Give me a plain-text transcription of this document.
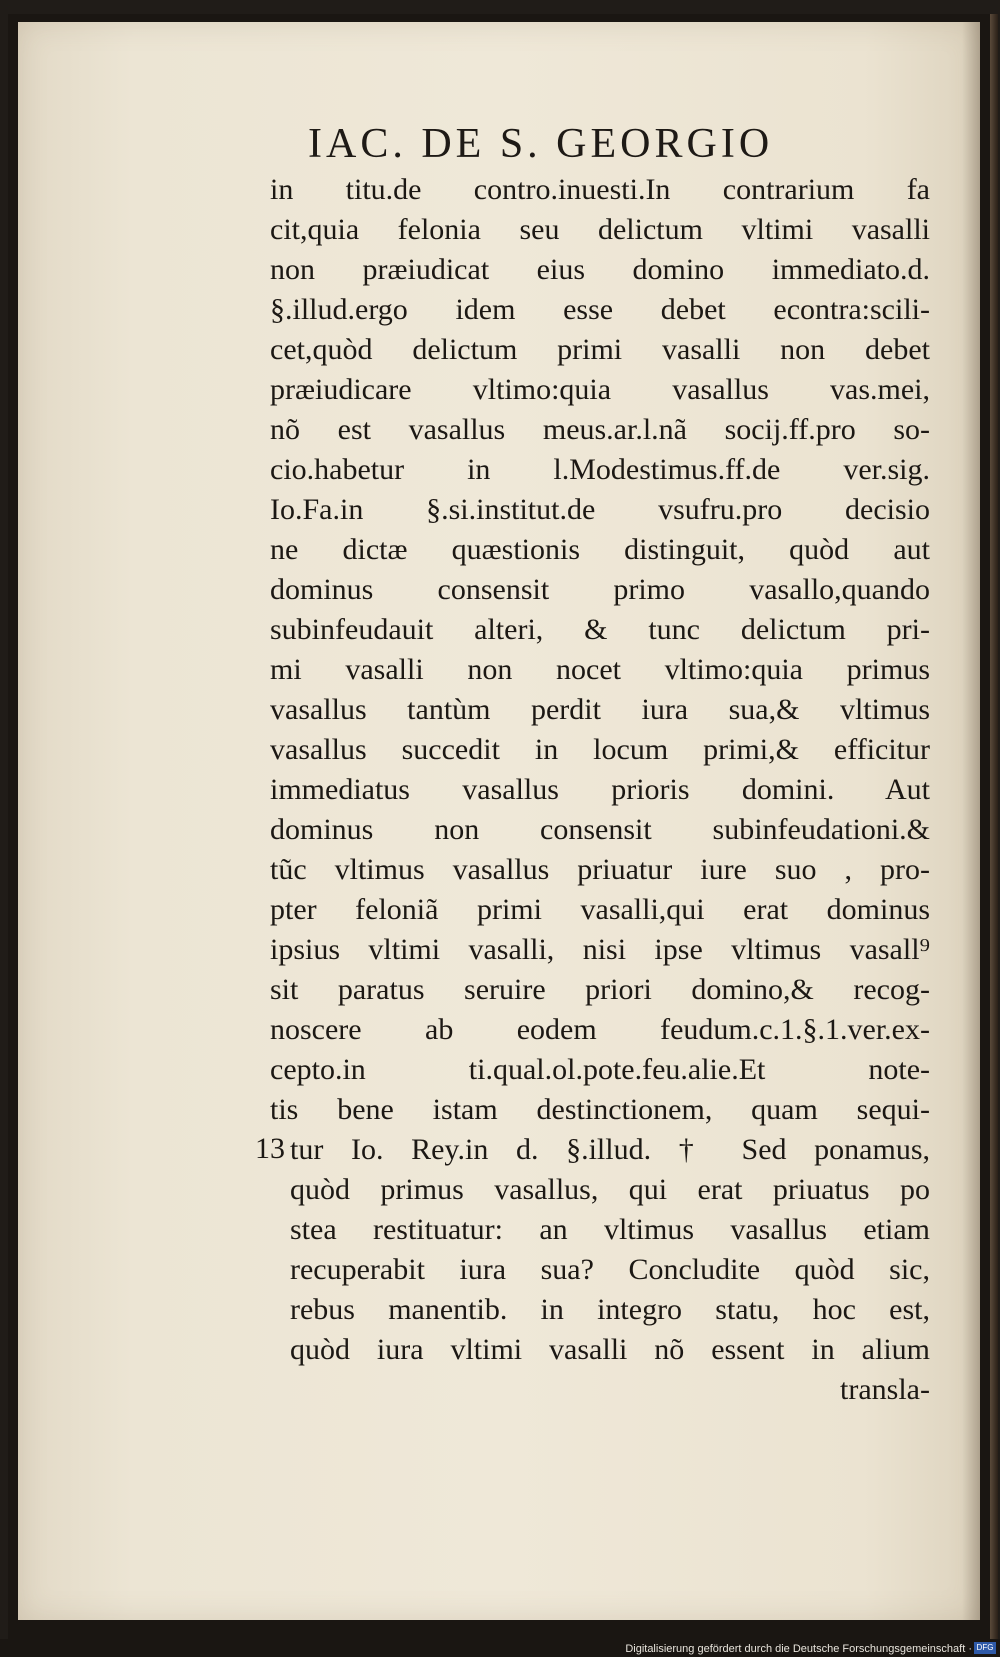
IAC. DE S. GEORGIO
in titu.de contro.inuesti.In contrarium fa
cit,quia felonia seu delictum vltimi vasalli
non præiudicat eius domino immediato.d.
§.illud.ergo idem esse debet econtra:scili-
cet,quòd delictum primi vasalli non debet
præiudicare vltimo:quia vasallus vas.mei,
nõ est vasallus meus.ar.l.nã socij.ff.pro so-
cio.habetur in l.Modestimus.ff.de ver.sig.
Io.Fa.in §.si.institut.de vsufru.pro decisio
ne dictæ quæstionis distinguit, quòd aut
dominus consensit primo vasallo,quando
subinfeudauit alteri, & tunc delictum pri-
mi vasalli non nocet vltimo:quia primus
vasallus tantùm perdit iura sua,& vltimus
vasallus succedit in locum primi,& efficitur
immediatus vasallus prioris domini. Aut
dominus non consensit subinfeudationi.&
tũc vltimus vasallus priuatur iure suo , pro-
pter feloniã primi vasalli,qui erat dominus
ipsius vltimi vasalli, nisi ipse vltimus vasall⁹
sit paratus seruire priori domino,& recog-
noscere ab eodem feudum.c.1.§.1.ver.ex-
cepto.in ti.qual.ol.pote.feu.alie.Et note-
tis bene istam destinctionem, quam sequi-
tur Io. Rey.in d. §.illud. † Sed ponamus,
quòd primus vasallus, qui erat priuatus po
stea restituatur: an vltimus vasallus etiam
recuperabit iura sua? Concludite quòd sic,
rebus manentib. in integro statu, hoc est,
quòd iura vltimi vasalli nõ essent in alium
transla-
13
Digitalisierung gefördert durch die Deutsche Forschungsgemeinschaft · DFG
